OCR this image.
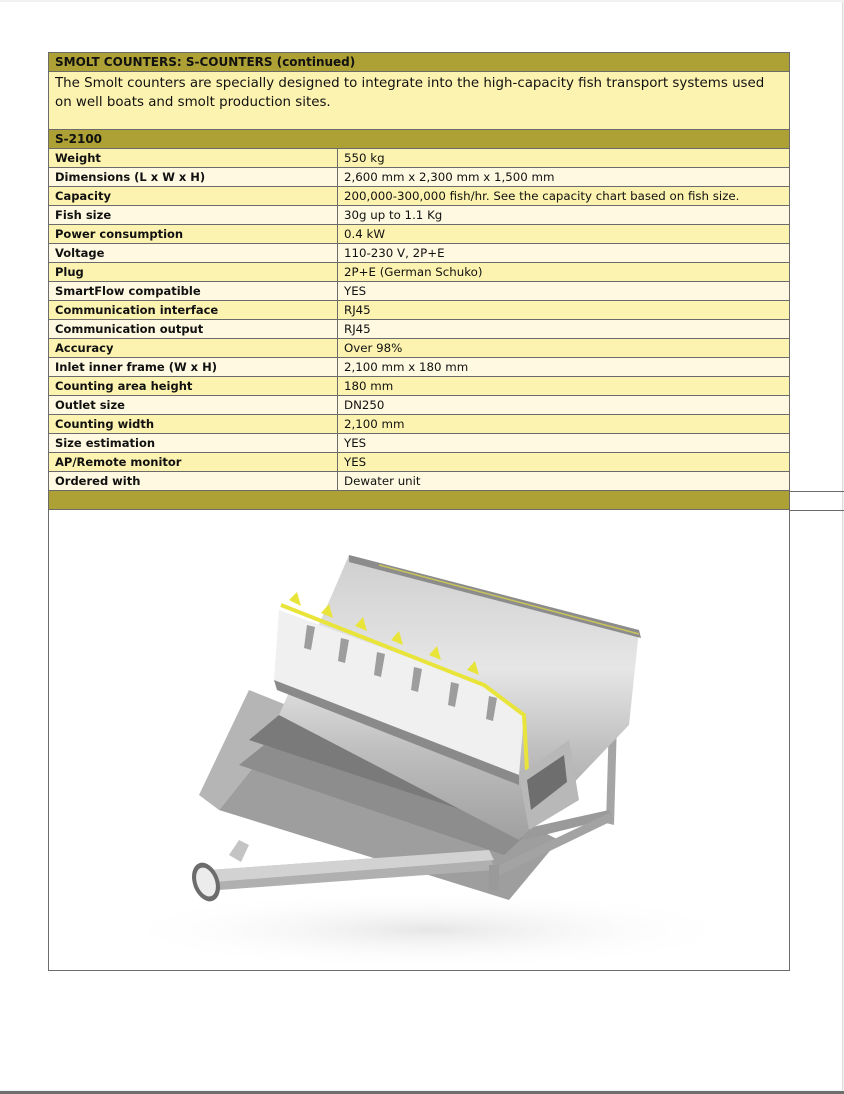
SMOLT COUNTERS: S-COUNTERS (continued)	
The Smolt counters are specially designed to integrate into the high-capacity fish transport systems used on well boats and smolt production sites.	
S-2100	
Weight	550 kg
Dimensions (L x W x H)	2,600 mm x 2,300 mm x 1,500 mm
Capacity	200,000-300,000 fish/hr. See the capacity chart based on fish size.
Fish size	30g up to 1.1 Kg
Power consumption	0.4 kW
Voltage	110-230 V, 2P+E
Plug	2P+E (German Schuko)
SmartFlow compatible	YES
Communication interface	RJ45
Communication output	RJ45
Accuracy	Over 98%
Inlet inner frame (W x H)	2,100 mm x 180 mm
Counting area height	180 mm
Outlet size	DN250
Counting width	2,100 mm
Size estimation	YES
AP/Remote monitor	YES
Ordered with	Dewater unit
